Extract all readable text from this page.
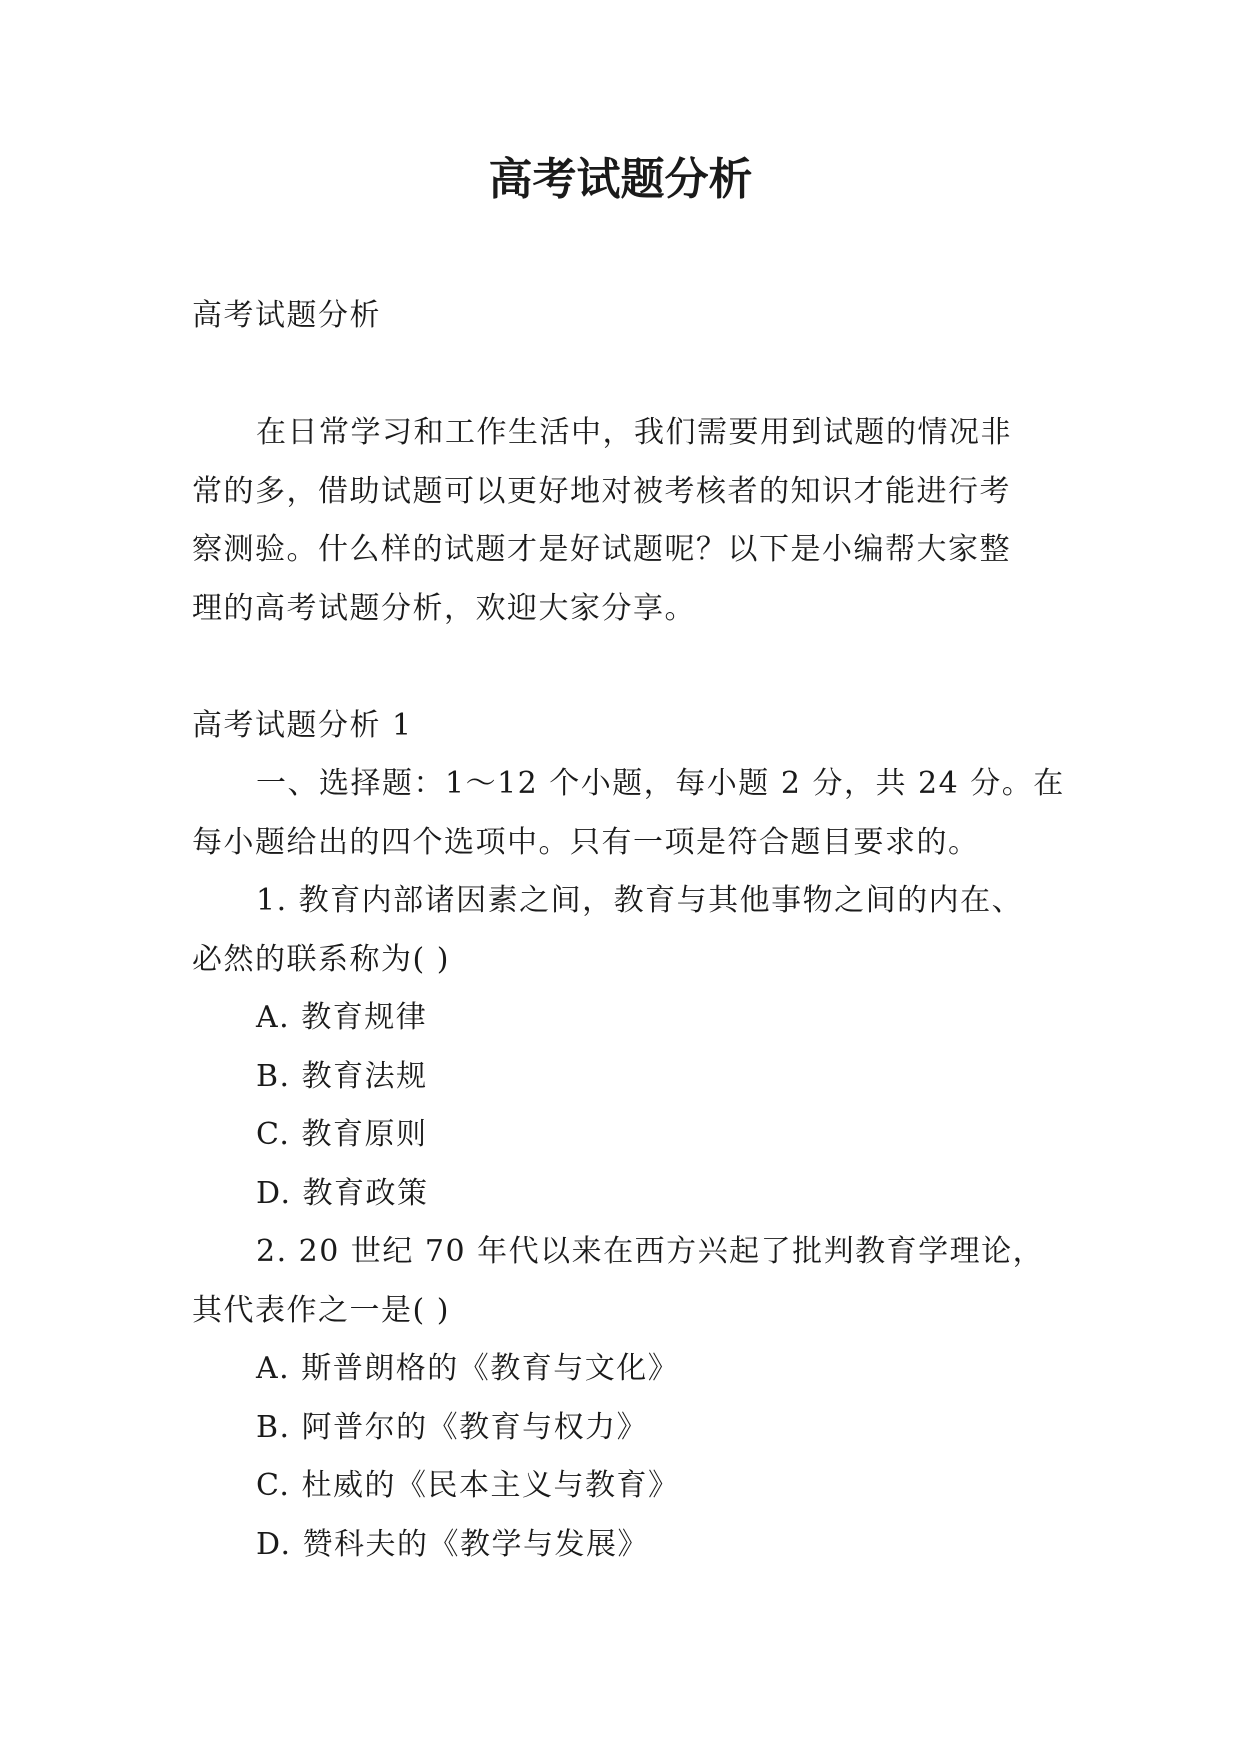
高考试题分析

高考试题分析

在日常学习和工作生活中，我们需要用到试题的情况非

常的多，借助试题可以更好地对被考核者的知识才能进行考

察测验。什么样的试题才是好试题呢？以下是小编帮大家整

理的高考试题分析，欢迎大家分享。

高考试题分析 1

一、选择题：1～12 个小题，每小题 2 分，共 24 分。在

每小题给出的四个选项中。只有一项是符合题目要求的。

1. 教育内部诸因素之间，教育与其他事物之间的内在、

必然的联系称为( )

A. 教育规律

B. 教育法规

C. 教育原则

D. 教育政策

2. 20 世纪 70 年代以来在西方兴起了批判教育学理论，

其代表作之一是( )

A. 斯普朗格的《教育与文化》

B. 阿普尔的《教育与权力》

C. 杜威的《民本主义与教育》

D. 赞科夫的《教学与发展》
